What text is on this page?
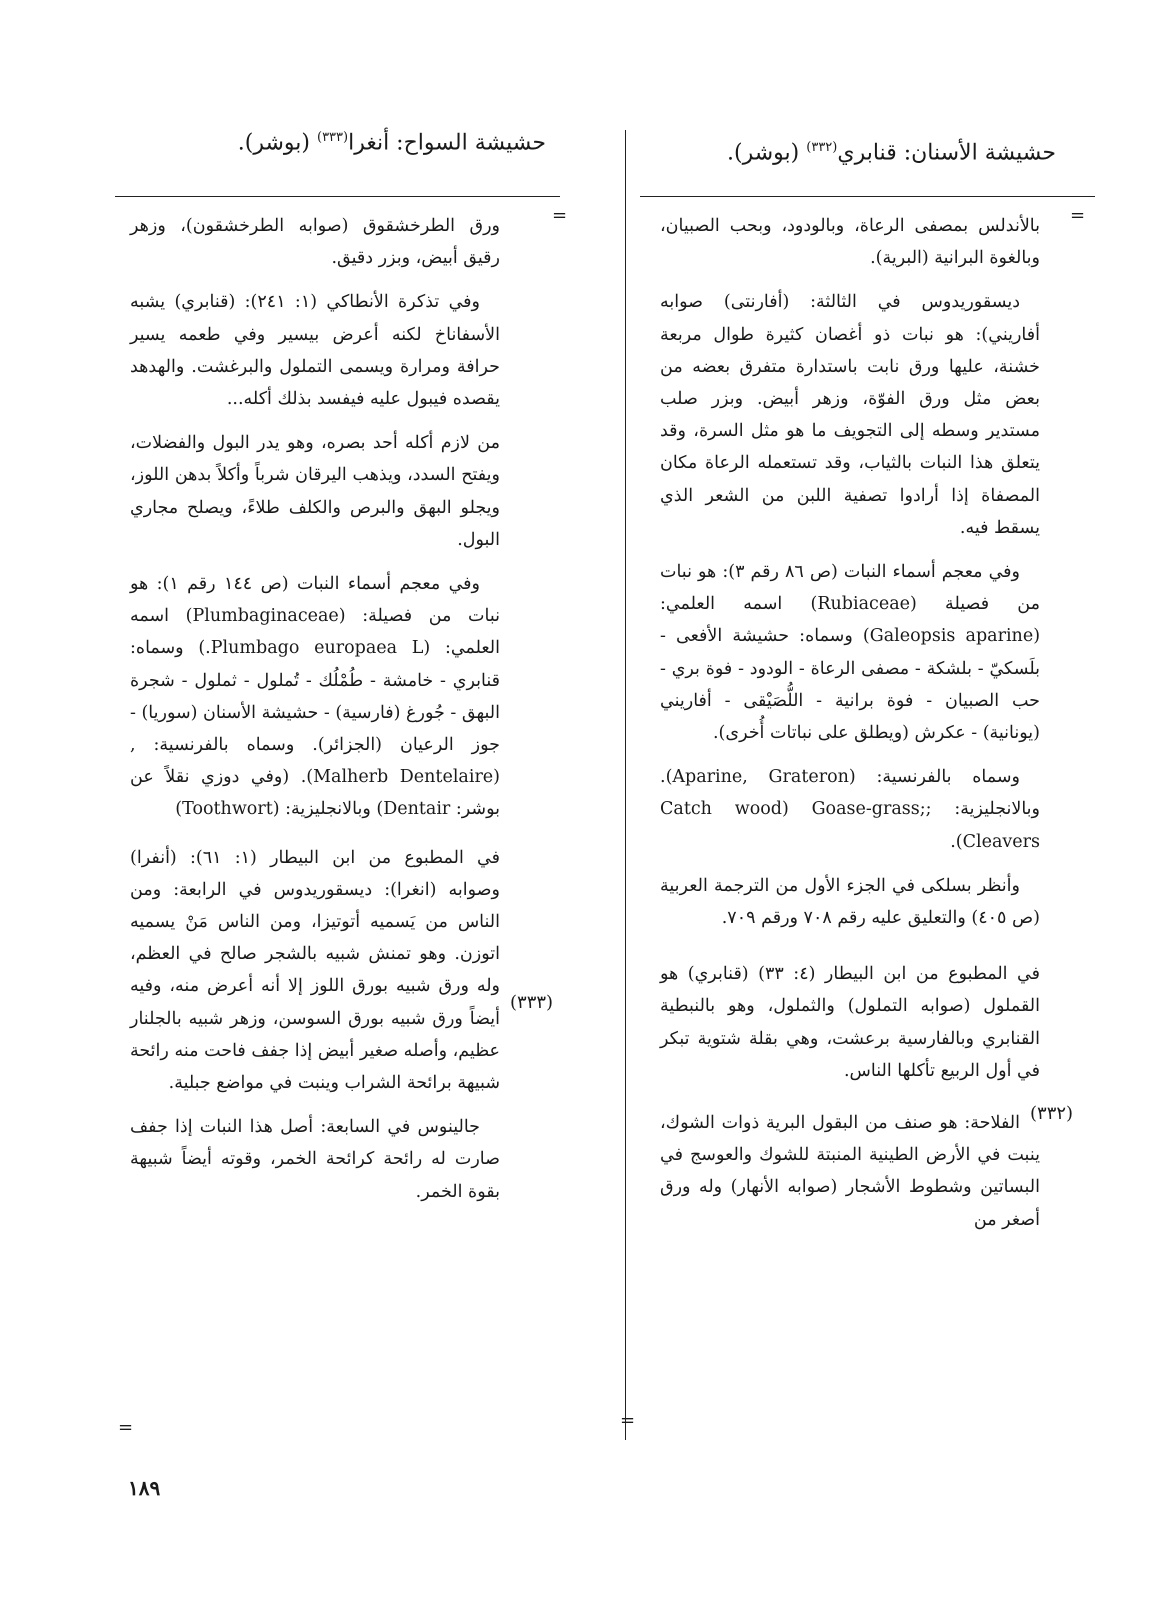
حشيشة الأسنان: قنابري$^{(٣٣٢)}$ (بوشر).
حشيشة السواح: أنغرا$^{(٣٣٣)}$ (بوشر).
=
=
(٣٣٢)
(٣٣٣)
=
=

بالأندلس بمصفى الرعاة، وبالودود، وبحب الصبيان، وبالغوة البرانية (البرية).

ديسقوريدوس في الثالثة: (أفارنتى) صوابه أفاريني): هو نبات ذو أغصان كثيرة طوال مربعة خشنة، عليها ورق نابت باستدارة متفرق بعضه من بعض مثل ورق الفوّة، وزهر أبيض. وبزر صلب مستدير وسطه إلى التجويف ما هو مثل السرة، وقد يتعلق هذا النبات بالثياب، وقد تستعمله الرعاة مكان المصفاة إذا أرادوا تصفية اللبن من الشعر الذي يسقط فيه.

وفي معجم أسماء النبات (ص ٨٦ رقم ٣): هو نبات من فصيلة (Rubiaceae) اسمه العلمي: (Galeopsis aparine) وسماه: حشيشة الأفعى - بلَسكيّ - بلشكة - مصفى الرعاة - الودود - فوة بري - حب الصبيان - فوة برانية - اللُّصَيْقى - أفاريني (يونانية) - عكرش (ويطلق على نباتات أُخرى).

وسماه بالفرنسية: (Aparine, Grateron). وبالانجليزية: ;Catch wood) Goase-grass; Cleavers).

وأنظر بسلكى في الجزء الأول من الترجمة العربية (ص ٤٠٥) والتعليق عليه رقم ٧٠٨ ورقم ٧٠٩.

في المطبوع من ابن البيطار (٤: ٣٣) (قنابري) هو القملول (صوابه التملول) والثملول، وهو بالنبطية القنابري وبالفارسية برعشت، وهي بقلة شتوية تبكر في أول الربيع تأكلها الناس.

الفلاحة: هو صنف من البقول البرية ذوات الشوك، ينبت في الأرض الطينية المنبتة للشوك والعوسج في البساتين وشطوط الأشجار (صوابه الأنهار) وله ورق أصغر من

ورق الطرخشقوق (صوابه الطرخشقون)، وزهر رقيق أبيض، وبزر دقيق.

وفي تذكرة الأنطاكي (١: ٢٤١): (قنابري) يشبه الأسفاناخ لكنه أعرض بيسير وفي طعمه يسير حرافة ومرارة ويسمى التملول والبرغشت. والهدهد يقصده فيبول عليه فيفسد بذلك أكله...

من لازم أكله أحد بصره، وهو يدر البول والفضلات، ويفتح السدد، ويذهب اليرقان شرباً وأكلاً بدهن اللوز، ويجلو البهق والبرص والكلف طلاءً، ويصلح مجاري البول.

وفي معجم أسماء النبات (ص ١٤٤ رقم ١): هو نبات من فصيلة: (Plumbaginaceae) اسمه العلمي: (Plumbago europaea L.) وسماه: قنابري - خامشة - طُمْلُك - تُملول - ثملول - شجرة البهق - جُورغ (فارسية) - حشيشة الأسنان (سوريا) - جوز الرعيان (الجزائر). وسماه بالفرنسية: ,(Malherb Dentelaire). (وفي دوزي نقلاً عن بوشر: Dentair) وبالانجليزية: (Toothwort)

في المطبوع من ابن البيطار (١: ٦١): (أنفرا) وصوابه (انغرا): ديسقوريدوس في الرابعة: ومن الناس من يَسميه أتوتيزا، ومن الناس مَنْ يسميه اتوزن. وهو تمنش شبيه بالشجر صالح في العظم، وله ورق شبيه بورق اللوز إلا أنه أعرض منه، وفيه أيضاً ورق شبيه بورق السوسن، وزهر شبيه بالجلنار عظيم، وأصله صغير أبيض إذا جفف فاحت منه رائحة شبيهة برائحة الشراب وينبت في مواضع جبلية.

جالينوس في السابعة: أصل هذا النبات إذا جفف صارت له رائحة كرائحة الخمر، وقوته أيضاً شبيهة بقوة الخمر.

١٨٩
